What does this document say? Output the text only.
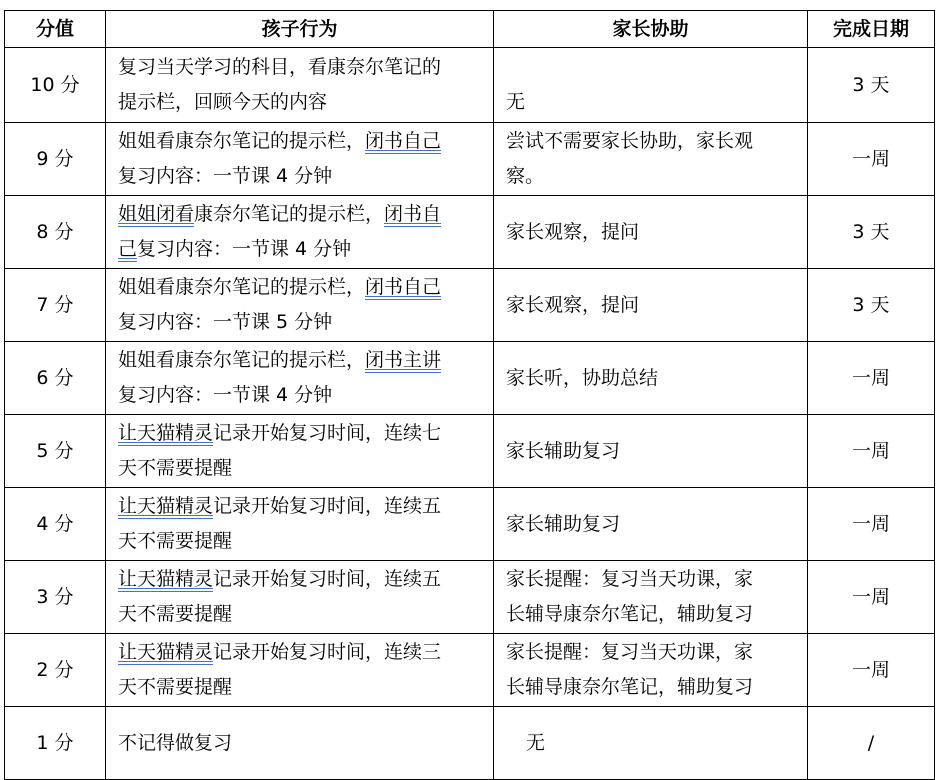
分值	孩子行为	家长协助	完成日期
10 分	复习当天学习的科目，看康奈尔笔记的
提示栏，回顾今天的内容	无	3 天
9 分	姐姐看康奈尔笔记的提示栏，闭书自己
复习内容：一节课 4 分钟	尝试不需要家长协助，家长观
察。	一周
8 分	姐姐闭看康奈尔笔记的提示栏，闭书自
己复习内容：一节课 4 分钟	家长观察，提问	3 天
7 分	姐姐看康奈尔笔记的提示栏，闭书自己
复习内容：一节课 5 分钟	家长观察，提问	3 天
6 分	姐姐看康奈尔笔记的提示栏，闭书主讲
复习内容：一节课 4 分钟	家长听，协助总结	一周
5 分	让天猫精灵记录开始复习时间，连续七
天不需要提醒	家长辅助复习	一周
4 分	让天猫精灵记录开始复习时间，连续五
天不需要提醒	家长辅助复习	一周
3 分	让天猫精灵记录开始复习时间，连续五
天不需要提醒	家长提醒：复习当天功课，家
长辅导康奈尔笔记，辅助复习	一周
2 分	让天猫精灵记录开始复习时间，连续三
天不需要提醒	家长提醒：复习当天功课，家
长辅导康奈尔笔记，辅助复习	一周
1 分	不记得做复习	无	/
